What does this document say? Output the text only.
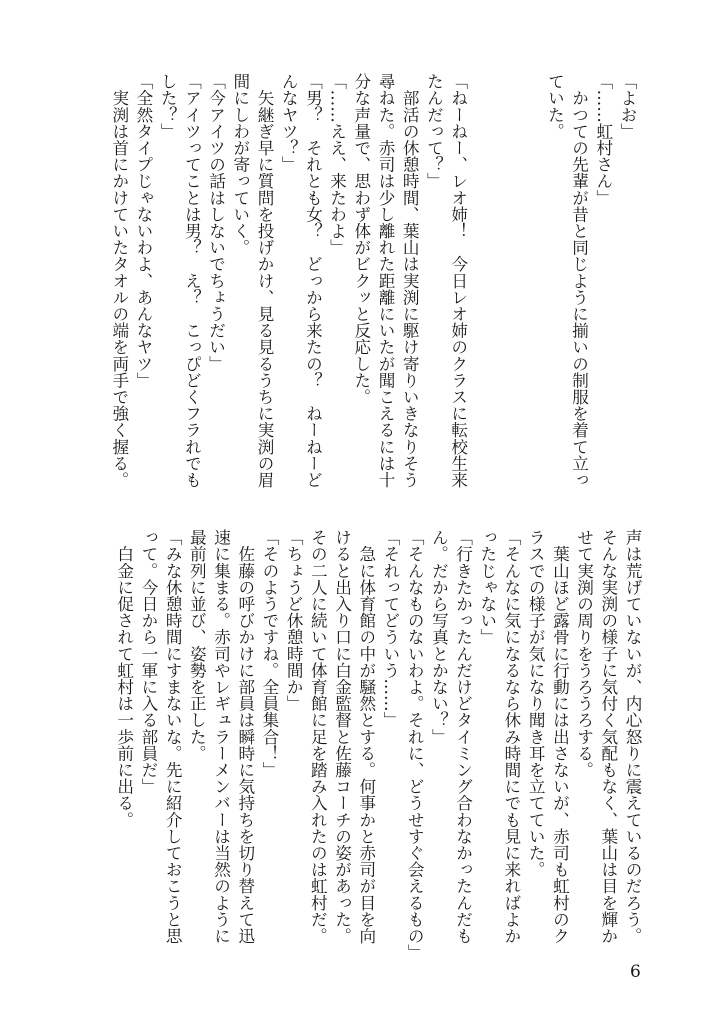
「よお」
「……虹村さん」
　かつての先輩が昔と同じように揃いの制服を着て立っ
ていた。
「ねーねー、レオ姉！　今日レオ姉のクラスに転校生来
たんだって？」
　部活の休憩時間、葉山は実渕に駆け寄りいきなりそう
尋ねた。赤司は少し離れた距離にいたが聞こえるには十
分な声量で、思わず体がビクッと反応した。
「……ええ、来たわよ」
「男？　それとも女？　どっから来たの？　ねーねーど
んなヤツ？」
　矢継ぎ早に質問を投げかけ、見る見るうちに実渕の眉
間にしわが寄っていく。
「今アイツの話はしないでちょうだい」
「アイツってことは男？　え？　こっぴどくフラれでも
した？」
「全然タイプじゃないわよ、あんなヤツ」
　実渕は首にかけていたタオルの端を両手で強く握る。
声は荒げていないが、内心怒りに震えているのだろう。
そんな実渕の様子に気付く気配もなく、葉山は目を輝か
せて実渕の周りをうろうろする。
　葉山ほど露骨に行動には出さないが、赤司も虹村のク
ラスでの様子が気になり聞き耳を立てていた。
「そんなに気になるなら休み時間にでも見に来ればよか
ったじゃない」
「行きたかったんだけどタイミング合わなかったんだも
ん。だから写真とかない？」
「そんなものないわよ。それに、どうせすぐ会えるもの」
「それってどういう……」
　急に体育館の中が騒然とする。何事かと赤司が目を向
けると出入り口に白金監督と佐藤コーチの姿があった。
その二人に続いて体育館に足を踏み入れたのは虹村だ。
「ちょうど休憩時間か」
「そのようですね。全員集合！」
　佐藤の呼びかけに部員は瞬時に気持ちを切り替えて迅
速に集まる。赤司やレギュラーメンバーは当然のように
最前列に並び、姿勢を正した。
「みな休憩時間にすまないな。先に紹介しておこうと思
って。今日から一軍に入る部員だ」
　白金に促されて虹村は一歩前に出る。
6
